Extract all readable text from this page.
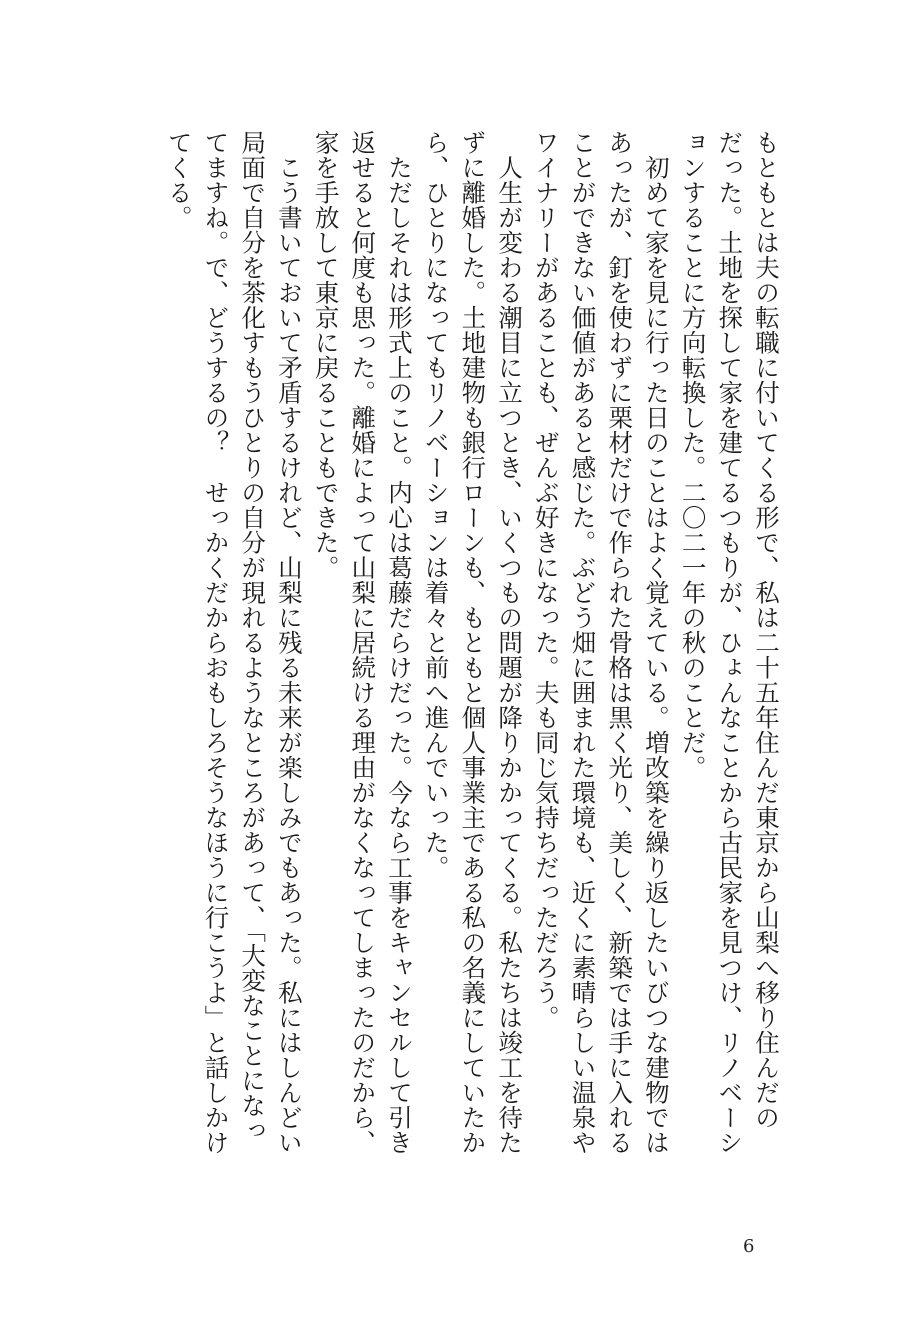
もともとは夫の転職に付いてくる形で、私は二十五年住んだ東京から山梨へ移り住んだの
だった。土地を探して家を建てるつもりが、ひょんなことから古民家を見つけ、リノベーシ
ョンすることに方向転換した。二〇二一年の秋のことだ。
　初めて家を見に行った日のことはよく覚えている。増改築を繰り返したいびつな建物では
あったが、釘を使わずに栗材だけで作られた骨格は黒く光り、美しく、新築では手に入れる
ことができない価値があると感じた。ぶどう畑に囲まれた環境も、近くに素晴らしい温泉や
ワイナリーがあることも、ぜんぶ好きになった。夫も同じ気持ちだっただろう。
　人生が変わる潮目に立つとき、いくつもの問題が降りかかってくる。私たちは竣工を待た
ずに離婚した。土地建物も銀行ローンも、もともと個人事業主である私の名義にしていたか
ら、ひとりになってもリノベーションは着々と前へ進んでいった。
　ただしそれは形式上のこと。内心は葛藤だらけだった。今なら工事をキャンセルして引き
返せると何度も思った。離婚によって山梨に居続ける理由がなくなってしまったのだから、
家を手放して東京に戻ることもできた。
　こう書いておいて矛盾するけれど、山梨に残る未来が楽しみでもあった。私にはしんどい
局面で自分を茶化すもうひとりの自分が現れるようなところがあって、「大変なことになっ
てますね。で、どうするの？　せっかくだからおもしろそうなほうに行こうよ」と話しかけ
てくる。
6
